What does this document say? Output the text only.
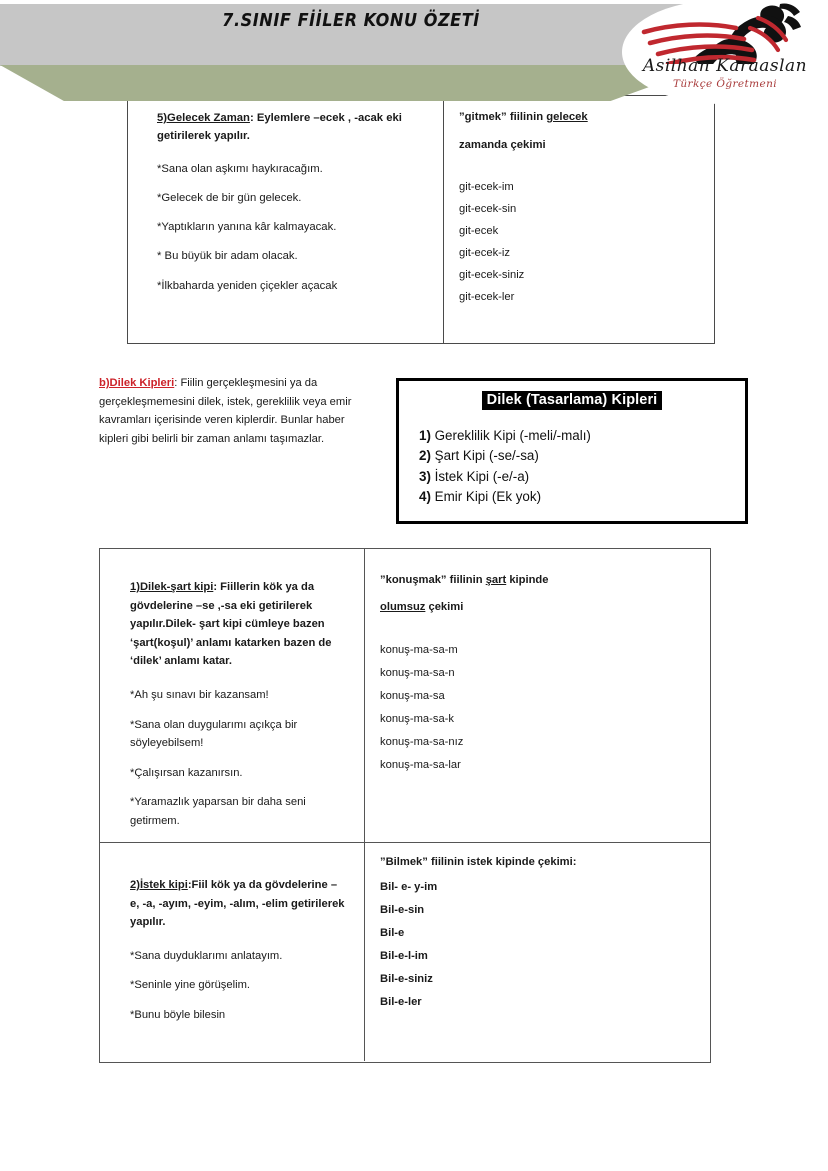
7.SINIF FİİLER KONU ÖZETİ
Asilhan Karaaslan
Türkçe Öğretmeni

5)Gelecek Zaman: Eylemlere –ecek , -acak eki getirilerek yapılır.

*Sana olan aşkımı haykıracağım.

*Gelecek de bir gün gelecek.

*Yaptıkların yanına kâr kalmayacak.

* Bu büyük bir adam olacak.

*İlkbaharda yeniden çiçekler açacak

”gitmek” fiilinin gelecek
zamanda çekimi
git-ecek-im
git-ecek-sin
git-ecek
git-ecek-iz
git-ecek-siniz
git-ecek-ler
b)Dilek Kipleri: Fiilin gerçekleşmesini ya da gerçekleşmemesini dilek, istek, gereklilik veya emir kavramları içerisinde veren kiplerdir. Bunlar haber kipleri gibi belirli bir zaman anlamı taşımazlar.
Dilek (Tasarlama) Kipleri
1) Gereklilik Kipi (-meli/-malı)
2) Şart Kipi (-se/-sa)
3) İstek Kipi (-e/-a)
4) Emir Kipi (Ek yok)

1)Dilek-şart kipi: Fiillerin kök ya da gövdelerine –se ,-sa eki getirilerek yapılır.Dilek- şart kipi cümleye bazen ‘şart(koşul)’ anlamı katarken bazen de ‘dilek’ anlamı katar.

*Ah şu sınavı bir kazansam!

*Sana olan duygularımı açıkça bir söyleyebilsem!

*Çalışırsan kazanırsın.

*Yaramazlık yaparsan bir daha seni getirmem.

”konuşmak” fiilinin şart kipinde
olumsuz çekimi
konuş-ma-sa-m
konuş-ma-sa-n
konuş-ma-sa
konuş-ma-sa-k
konuş-ma-sa-nız
konuş-ma-sa-lar

2)İstek kipi:Fiil kök ya da gövdelerine –e, -a, -ayım, -eyim, -alım, -elim getirilerek yapılır.

*Sana duyduklarımı anlatayım.

*Seninle yine görüşelim.

*Bunu böyle bilesin

”Bilmek” fiilinin istek kipinde çekimi:
Bil- e- y-im
Bil-e-sin
Bil-e
Bil-e-l-im
Bil-e-siniz
Bil-e-ler
